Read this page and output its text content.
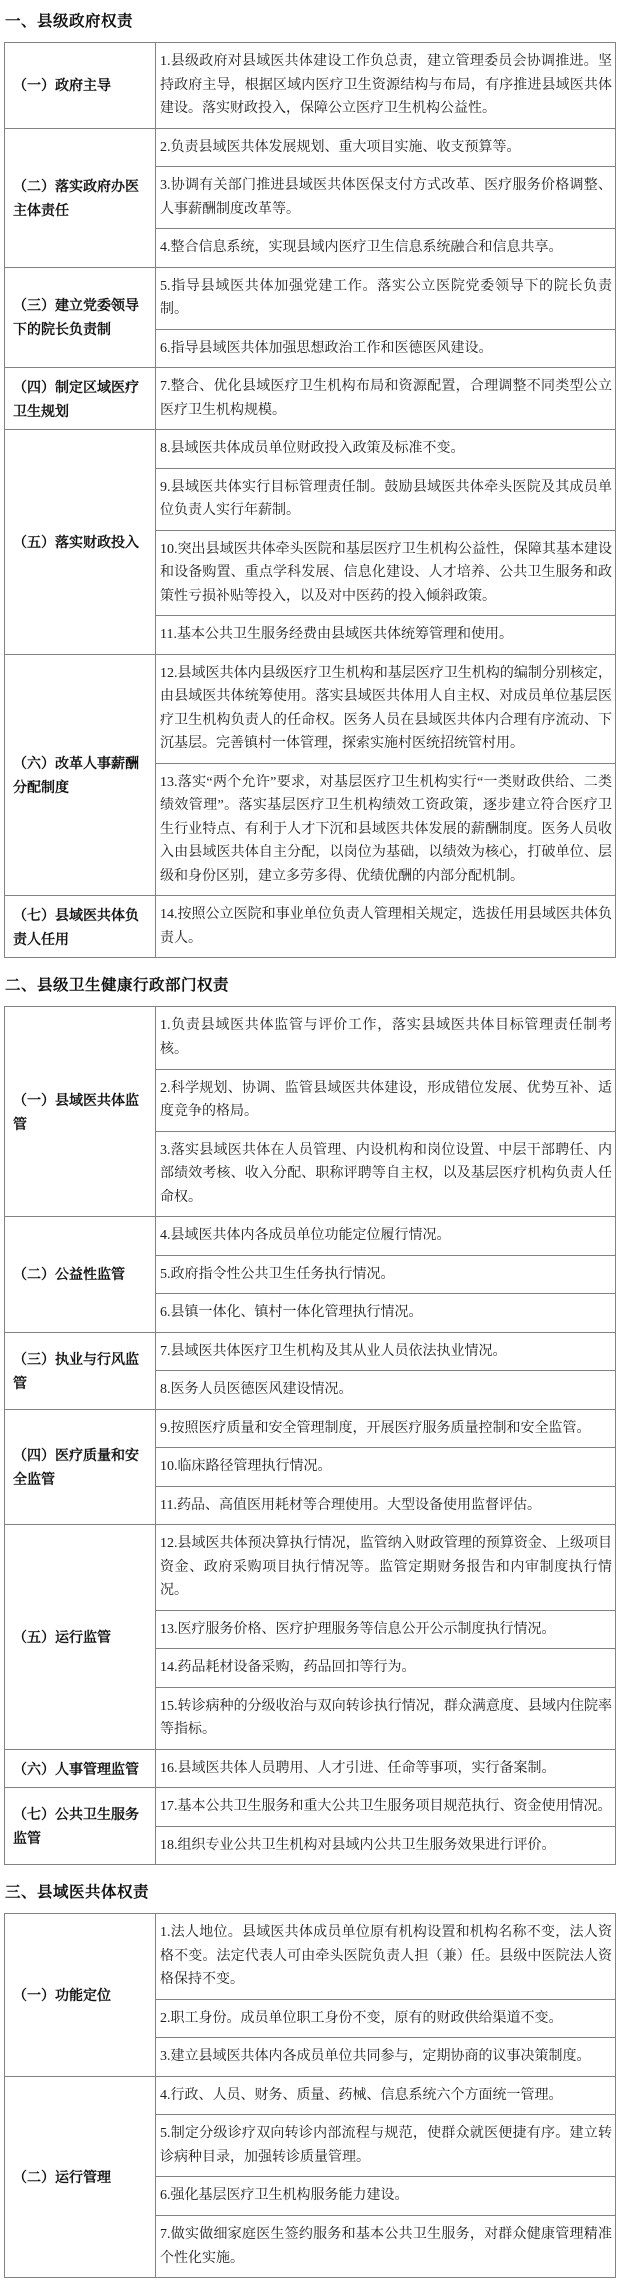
一、县级政府权责
（一）政府主导	1.县级政府对县域医共体建设工作负总责，建立管理委员会协调推进。坚持政府主导，根据区域内医疗卫生资源结构与布局，有序推进县域医共体建设。落实财政投入，保障公立医疗卫生机构公益性。
（二）落实政府办医主体责任	2.负责县域医共体发展规划、重大项目实施、收支预算等。
	3.协调有关部门推进县域医共体医保支付方式改革、医疗服务价格调整、人事薪酬制度改革等。
	4.整合信息系统，实现县域内医疗卫生信息系统融合和信息共享。
（三）建立党委领导下的院长负责制	5.指导县域医共体加强党建工作。落实公立医院党委领导下的院长负责制。
	6.指导县域医共体加强思想政治工作和医德医风建设。
（四）制定区域医疗卫生规划	7.整合、优化县域医疗卫生机构布局和资源配置，合理调整不同类型公立医疗卫生机构规模。
（五）落实财政投入	8.县域医共体成员单位财政投入政策及标准不变。
	9.县域医共体实行目标管理责任制。鼓励县域医共体牵头医院及其成员单位负责人实行年薪制。
	10.突出县域医共体牵头医院和基层医疗卫生机构公益性，保障其基本建设和设备购置、重点学科发展、信息化建设、人才培养、公共卫生服务和政策性亏损补贴等投入，以及对中医药的投入倾斜政策。
	11.基本公共卫生服务经费由县域医共体统筹管理和使用。
（六）改革人事薪酬分配制度	12.县域医共体内县级医疗卫生机构和基层医疗卫生机构的编制分别核定，由县域医共体统筹使用。落实县域医共体用人自主权、对成员单位基层医疗卫生机构负责人的任命权。医务人员在县域医共体内合理有序流动、下沉基层。完善镇村一体管理，探索实施村医统招统管村用。
	13.落实“两个允许”要求，对基层医疗卫生机构实行“一类财政供给、二类绩效管理”。落实基层医疗卫生机构绩效工资政策，逐步建立符合医疗卫生行业特点、有利于人才下沉和县域医共体发展的薪酬制度。医务人员收入由县域医共体自主分配，以岗位为基础，以绩效为核心，打破单位、层级和身份区别，建立多劳多得、优绩优酬的内部分配机制。
（七）县域医共体负责人任用	14.按照公立医院和事业单位负责人管理相关规定，选拔任用县域医共体负责人。
二、县级卫生健康行政部门权责
（一）县域医共体监管	1.负责县域医共体监管与评价工作，落实县域医共体目标管理责任制考核。
	2.科学规划、协调、监管县域医共体建设，形成错位发展、优势互补、适度竞争的格局。
	3.落实县域医共体在人员管理、内设机构和岗位设置、中层干部聘任、内部绩效考核、收入分配、职称评聘等自主权，以及基层医疗机构负责人任命权。
（二）公益性监管	4.县域医共体内各成员单位功能定位履行情况。
	5.政府指令性公共卫生任务执行情况。
	6.县镇一体化、镇村一体化管理执行情况。
（三）执业与行风监管	7.县域医共体医疗卫生机构及其从业人员依法执业情况。
	8.医务人员医德医风建设情况。
（四）医疗质量和安全监管	9.按照医疗质量和安全管理制度，开展医疗服务质量控制和安全监管。
	10.临床路径管理执行情况。
	11.药品、高值医用耗材等合理使用。大型设备使用监督评估。
（五）运行监管	12.县域医共体预决算执行情况，监管纳入财政管理的预算资金、上级项目资金、政府采购项目执行情况等。监管定期财务报告和内审制度执行情况。
	13.医疗服务价格、医疗护理服务等信息公开公示制度执行情况。
	14.药品耗材设备采购，药品回扣等行为。
	15.转诊病种的分级收治与双向转诊执行情况，群众满意度、县域内住院率等指标。
（六）人事管理监管	16.县域医共体人员聘用、人才引进、任命等事项，实行备案制。
（七）公共卫生服务监管	17.基本公共卫生服务和重大公共卫生服务项目规范执行、资金使用情况。
	18.组织专业公共卫生机构对县域内公共卫生服务效果进行评价。
三、县域医共体权责
（一）功能定位	1.法人地位。县域医共体成员单位原有机构设置和机构名称不变，法人资格不变。法定代表人可由牵头医院负责人担（兼）任。县级中医院法人资格保持不变。
	2.职工身份。成员单位职工身份不变，原有的财政供给渠道不变。
	3.建立县域医共体内各成员单位共同参与，定期协商的议事决策制度。
（二）运行管理	4.行政、人员、财务、质量、药械、信息系统六个方面统一管理。
	5.制定分级诊疗双向转诊内部流程与规范，使群众就医便捷有序。建立转诊病种目录，加强转诊质量管理。
	6.强化基层医疗卫生机构服务能力建设。
	7.做实做细家庭医生签约服务和基本公共卫生服务，对群众健康管理精准个性化实施。
